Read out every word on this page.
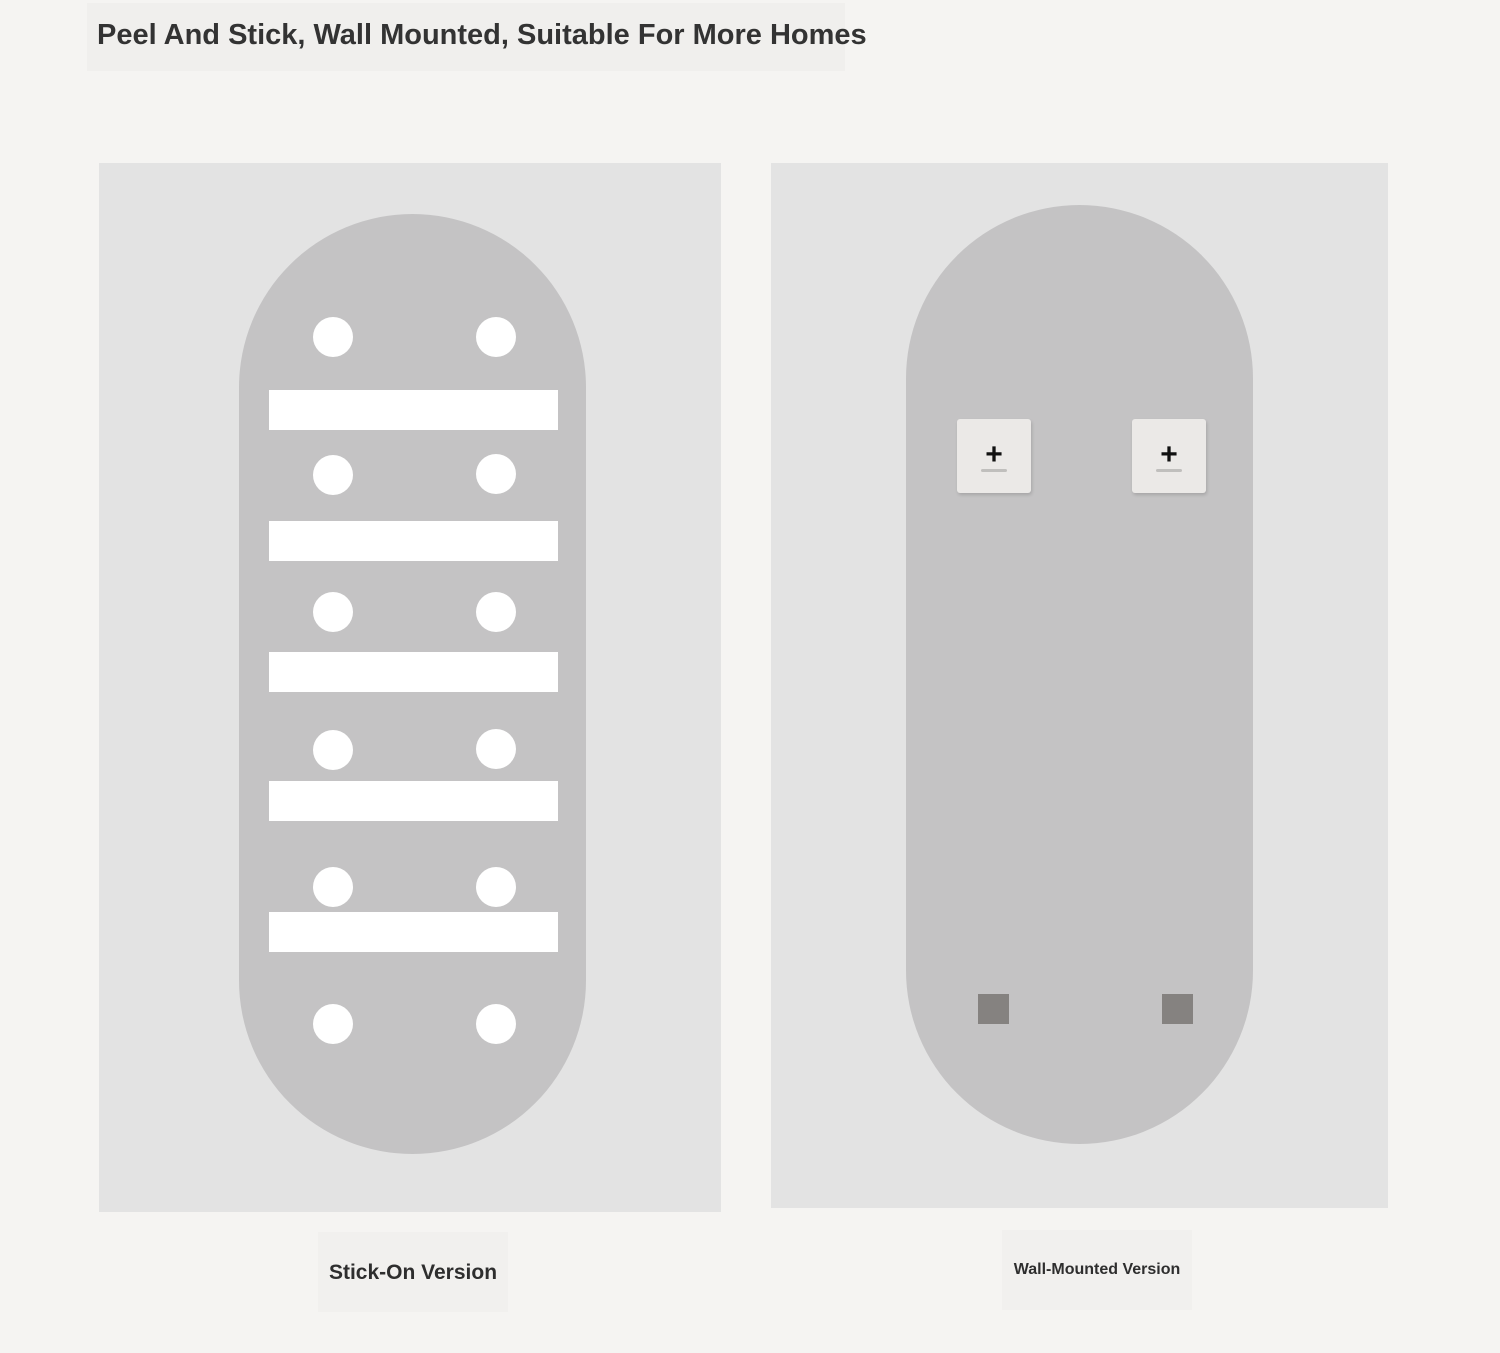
Peel And Stick, Wall Mounted, Suitable For More Homes
+	+
Stick-On Version	Wall-Mounted Version
